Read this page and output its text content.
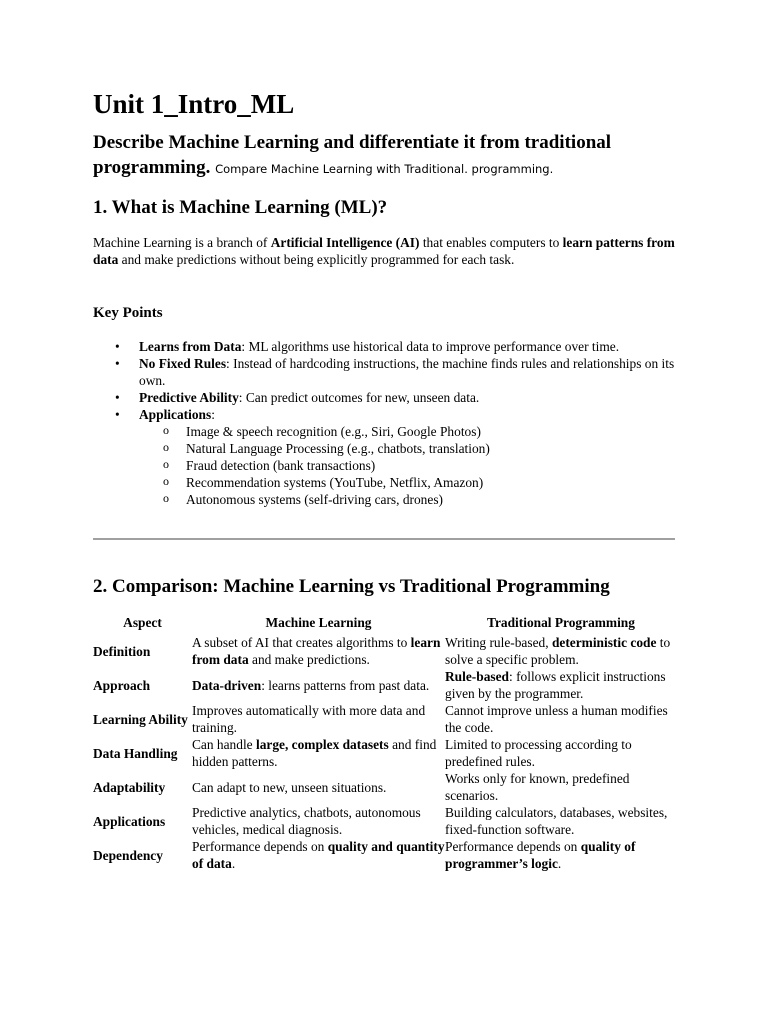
Unit 1_Intro_ML

Describe Machine Learning and differentiate it from traditional programming. Compare Machine Learning with Traditional. programming.

1. What is Machine Learning (ML)?

Machine Learning is a branch of Artificial Intelligence (AI) that enables computers to learn patterns from data and make predictions without being explicitly programmed for each task.

Key Points
• Learns from Data: ML algorithms use historical data to improve performance over time.
• No Fixed Rules: Instead of hardcoding instructions, the machine finds rules and relationships on its own.
• Predictive Ability: Can predict outcomes for new, unseen data.
• Applications:
o Image & speech recognition (e.g., Siri, Google Photos)
o Natural Language Processing (e.g., chatbots, translation)
o Fraud detection (bank transactions)
o Recommendation systems (YouTube, Netflix, Amazon)
o Autonomous systems (self-driving cars, drones)
2. Comparison: Machine Learning vs Traditional Programming
Aspect	Machine Learning	Traditional Programming
Definition	A subset of AI that creates algorithms to learn from data and make predictions.	Writing rule-based, deterministic code to solve a specific problem.
Approach	Data-driven: learns patterns from past data.	Rule-based: follows explicit instructions given by the programmer.
Learning Ability	Improves automatically with more data and training.	Cannot improve unless a human modifies the code.
Data Handling	Can handle large, complex datasets and find hidden patterns.	Limited to processing according to predefined rules.
Adaptability	Can adapt to new, unseen situations.	Works only for known, predefined scenarios.
Applications	Predictive analytics, chatbots, autonomous vehicles, medical diagnosis.	Building calculators, databases, websites, fixed-function software.
Dependency	Performance depends on quality and quantity of data.	Performance depends on quality of programmer’s logic.
